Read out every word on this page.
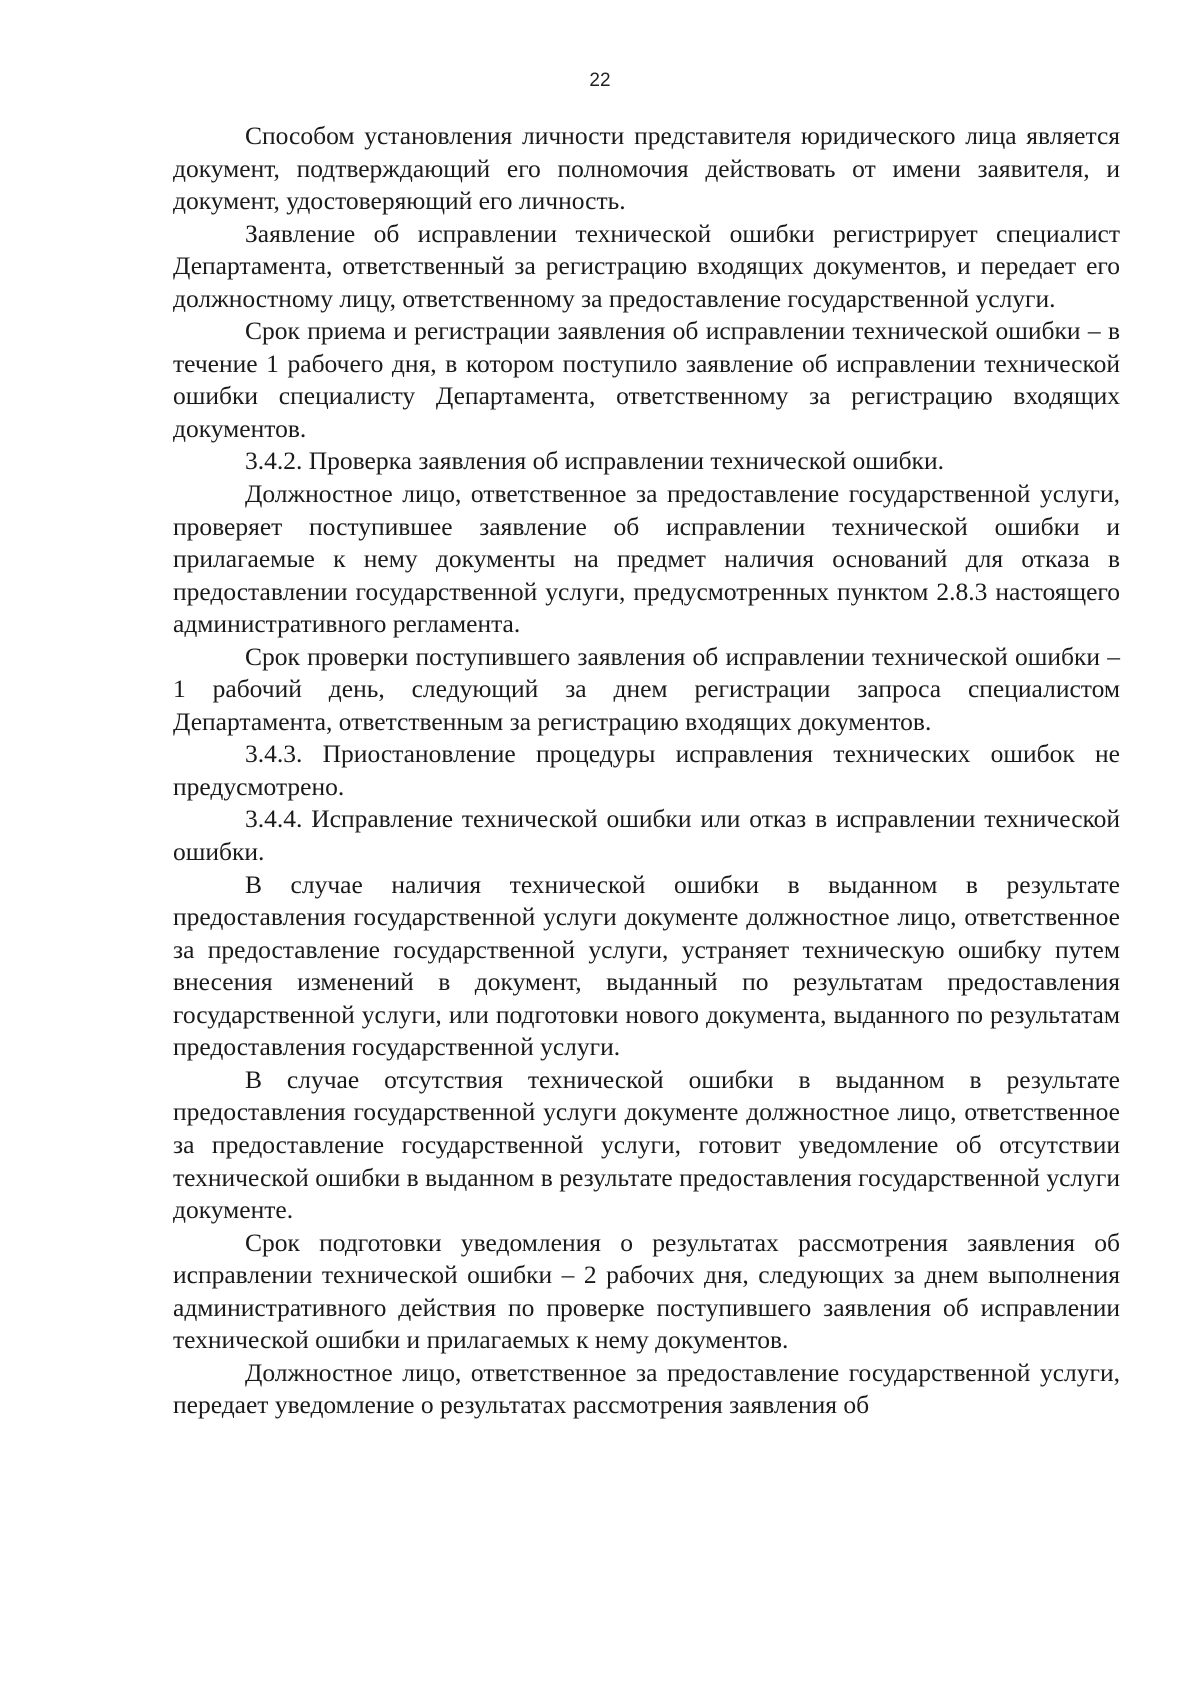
22

Способом установления личности представителя юридического лица является документ, подтверждающий его полномочия действовать от имени заявителя, и документ, удостоверяющий его личность.

Заявление об исправлении технической ошибки регистрирует специалист Департамента, ответственный за регистрацию входящих документов, и передает его должностному лицу, ответственному за предоставление государственной услуги.

Срок приема и регистрации заявления об исправлении технической ошибки – в течение 1 рабочего дня, в котором поступило заявление об исправлении технической ошибки специалисту Департамента, ответственному за регистрацию входящих документов.

3.4.2. Проверка заявления об исправлении технической ошибки.

Должностное лицо, ответственное за предоставление государственной услуги, проверяет поступившее заявление об исправлении технической ошибки и прилагаемые к нему документы на предмет наличия оснований для отказа в предоставлении государственной услуги, предусмотренных пунктом 2.8.3 настоящего административного регламента.

Срок проверки поступившего заявления об исправлении технической ошибки – 1 рабочий день, следующий за днем регистрации запроса специалистом Департамента, ответственным за регистрацию входящих документов.

3.4.3. Приостановление процедуры исправления технических ошибок не предусмотрено.

3.4.4. Исправление технической ошибки или отказ в исправлении технической ошибки.

В случае наличия технической ошибки в выданном в результате предоставления государственной услуги документе должностное лицо, ответственное за предоставление государственной услуги, устраняет техническую ошибку путем внесения изменений в документ, выданный по результатам предоставления государственной услуги, или подготовки нового документа, выданного по результатам предоставления государственной услуги.

В случае отсутствия технической ошибки в выданном в результате предоставления государственной услуги документе должностное лицо, ответственное за предоставление государственной услуги, готовит уведомление об отсутствии технической ошибки в выданном в результате предоставления государственной услуги документе.

Срок подготовки уведомления о результатах рассмотрения заявления об исправлении технической ошибки – 2 рабочих дня, следующих за днем выполнения административного действия по проверке поступившего заявления об исправлении технической ошибки и прилагаемых к нему документов.

Должностное лицо, ответственное за предоставление государственной услуги, передает уведомление о результатах рассмотрения заявления об
